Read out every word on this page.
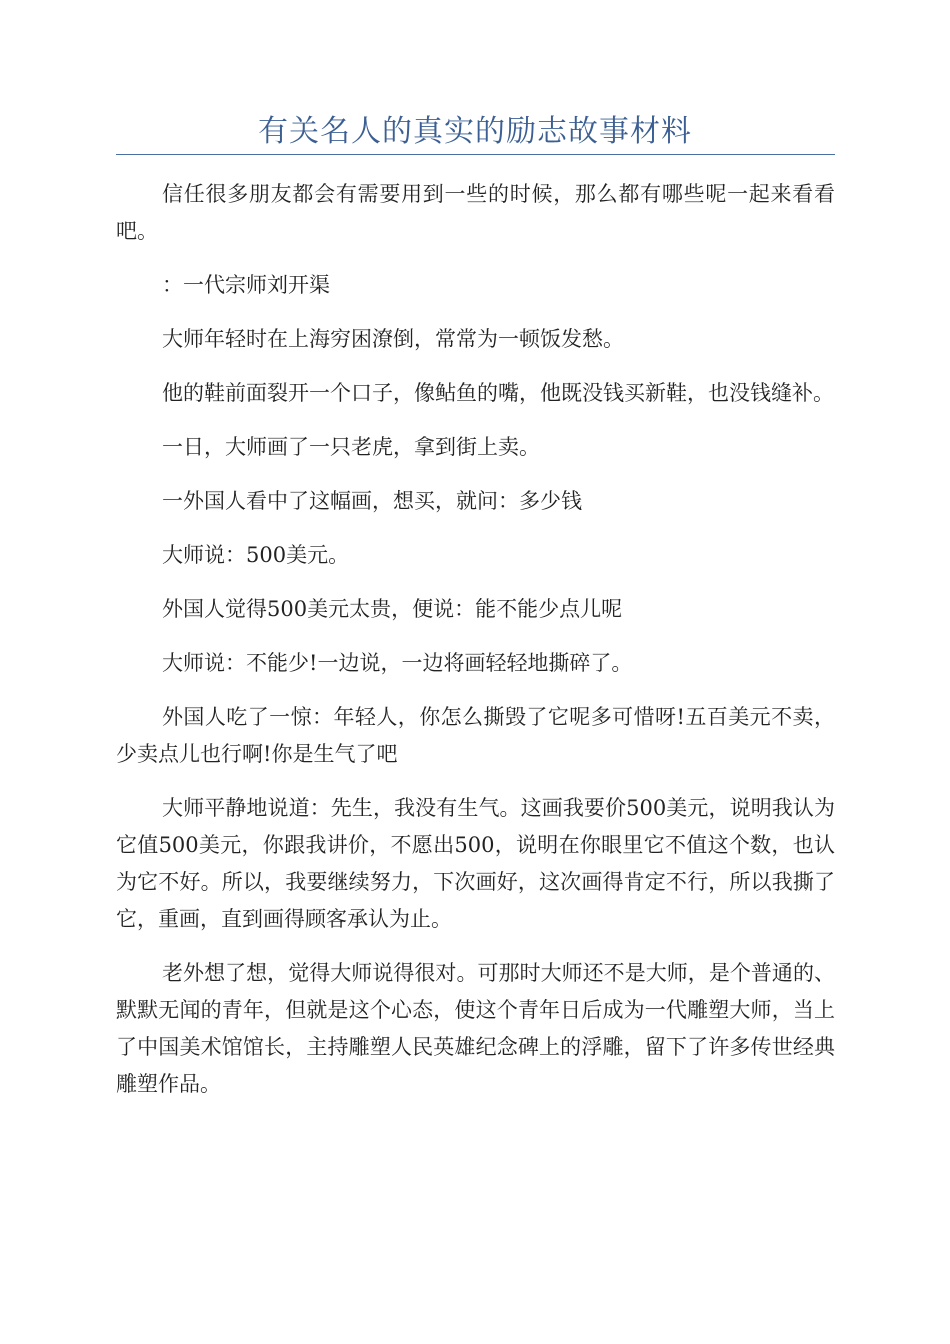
有关名人的真实的励志故事材料

信任很多朋友都会有需要用到一些的时候，那么都有哪些呢一起来看看吧。

：一代宗师刘开渠

大师年轻时在上海穷困潦倒，常常为一顿饭发愁。

他的鞋前面裂开一个口子，像鲇鱼的嘴，他既没钱买新鞋，也没钱缝补。

一日，大师画了一只老虎，拿到街上卖。

一外国人看中了这幅画，想买，就问：多少钱

大师说：500美元。

外国人觉得500美元太贵，便说：能不能少点儿呢

大师说：不能少!一边说，一边将画轻轻地撕碎了。

外国人吃了一惊：年轻人，你怎么撕毁了它呢多可惜呀!五百美元不卖，少卖点儿也行啊!你是生气了吧

大师平静地说道：先生，我没有生气。这画我要价500美元，说明我认为它值500美元，你跟我讲价，不愿出500，说明在你眼里它不值这个数，也认为它不好。所以，我要继续努力，下次画好，这次画得肯定不行，所以我撕了它，重画，直到画得顾客承认为止。

老外想了想，觉得大师说得很对。可那时大师还不是大师，是个普通的、默默无闻的青年，但就是这个心态，使这个青年日后成为一代雕塑大师，当上了中国美术馆馆长，主持雕塑人民英雄纪念碑上的浮雕，留下了许多传世经典雕塑作品。
